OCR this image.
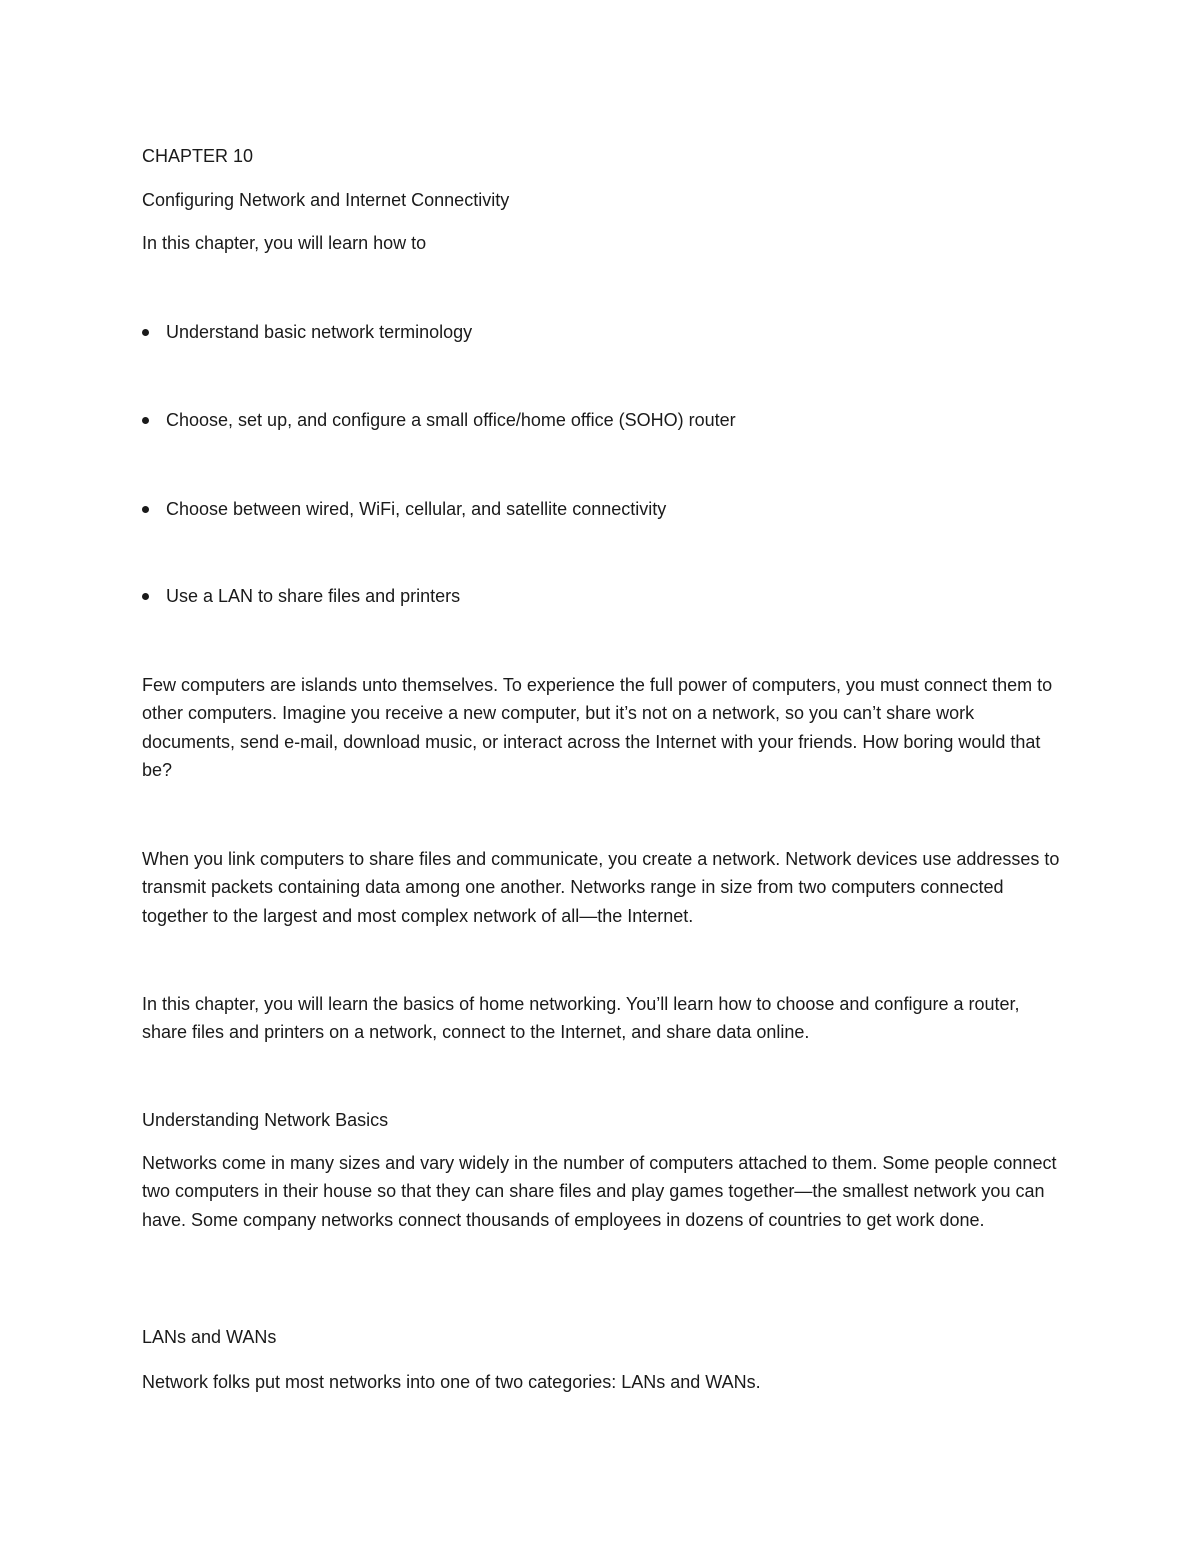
CHAPTER 10

Configuring Network and Internet Connectivity

In this chapter, you will learn how to

Understand basic network terminology
Choose, set up, and configure a small office/home office (SOHO) router
Choose between wired, WiFi, cellular, and satellite connectivity
Use a LAN to share files and printers

Few computers are islands unto themselves. To experience the full power of computers, you must connect them to other computers. Imagine you receive a new computer, but it’s not on a network, so you can’t share work documents, send e-mail, download music, or interact across the Internet with your friends. How boring would that be?

When you link computers to share files and communicate, you create a network. Network devices use addresses to transmit packets containing data among one another. Networks range in size from two computers connected together to the largest and most complex network of all—the Internet.

In this chapter, you will learn the basics of home networking. You’ll learn how to choose and configure a router, share files and printers on a network, connect to the Internet, and share data online.

Understanding Network Basics

Networks come in many sizes and vary widely in the number of computers attached to them. Some people connect two computers in their house so that they can share files and play games together—the smallest network you can have. Some company networks connect thousands of employees in dozens of countries to get work done.

LANs and WANs

Network folks put most networks into one of two categories: LANs and WANs.
